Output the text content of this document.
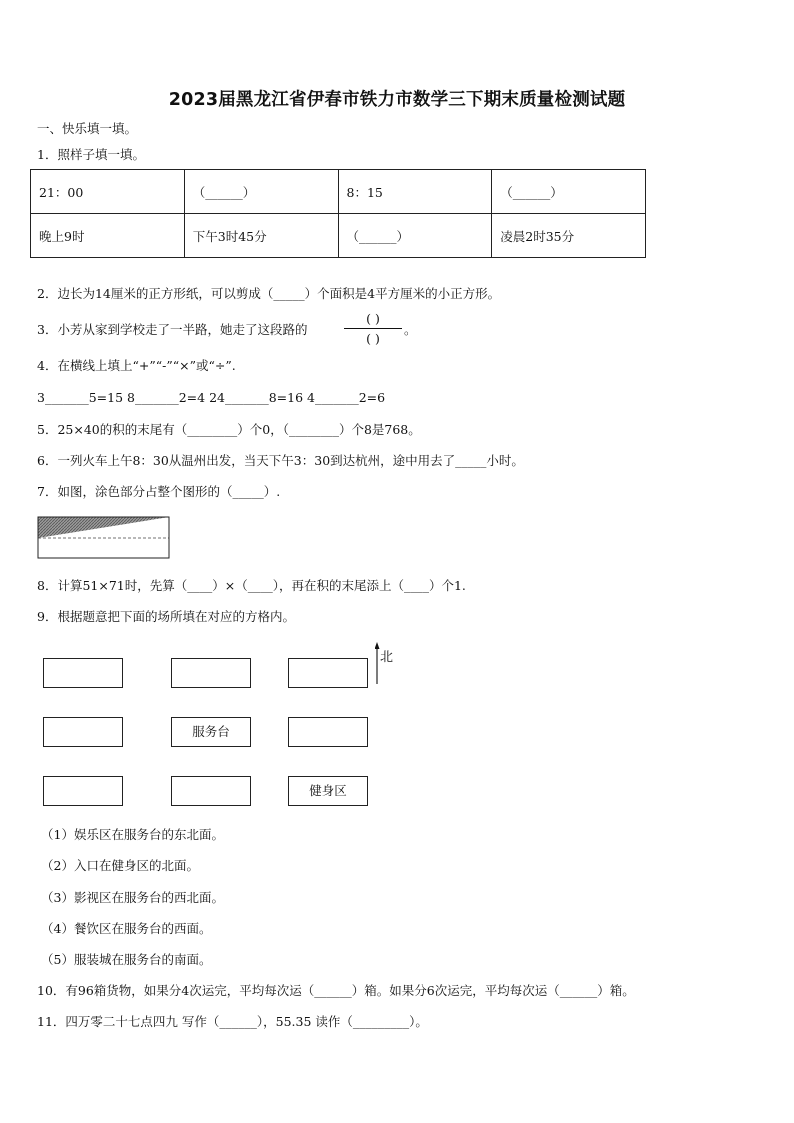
2023届黑龙江省伊春市铁力市数学三下期末质量检测试题
一、快乐填一填。
1．照样子填一填。
21：00	（______）	8：15	（______）
晚上9时	下午3时45分	（______）	凌晨2时35分
2．边长为14厘米的正方形纸，可以剪成（_____）个面积是4平方厘米的小正方形。
3．小芳从家到学校走了一半路，她走了这段路的
( )
( )
。
4．在横线上填上“+”“-”“×”或“÷”.
3_______5=15 8_______2=4 24_______8=16 4_______2=6
5．25×40的积的末尾有（________）个0，（________）个8是768。
6．一列火车上午8：30从温州出发，当天下午3：30到达杭州，途中用去了_____小时。
7．如图，涂色部分占整个图形的（_____）.
8．计算51×71时，先算（____）×（____），再在积的末尾添上（____）个1.
9．根据题意把下面的场所填在对应的方格内。
服务台
健身区
北
（1）娱乐区在服务台的东北面。
（2）入口在健身区的北面。
（3）影视区在服务台的西北面。
（4）餐饮区在服务台的西面。
（5）服装城在服务台的南面。
10．有96箱货物，如果分4次运完，平均每次运（______）箱。如果分6次运完，平均每次运（______）箱。
11．四万零二十七点四九 写作（______），55.35 读作（_________）。
